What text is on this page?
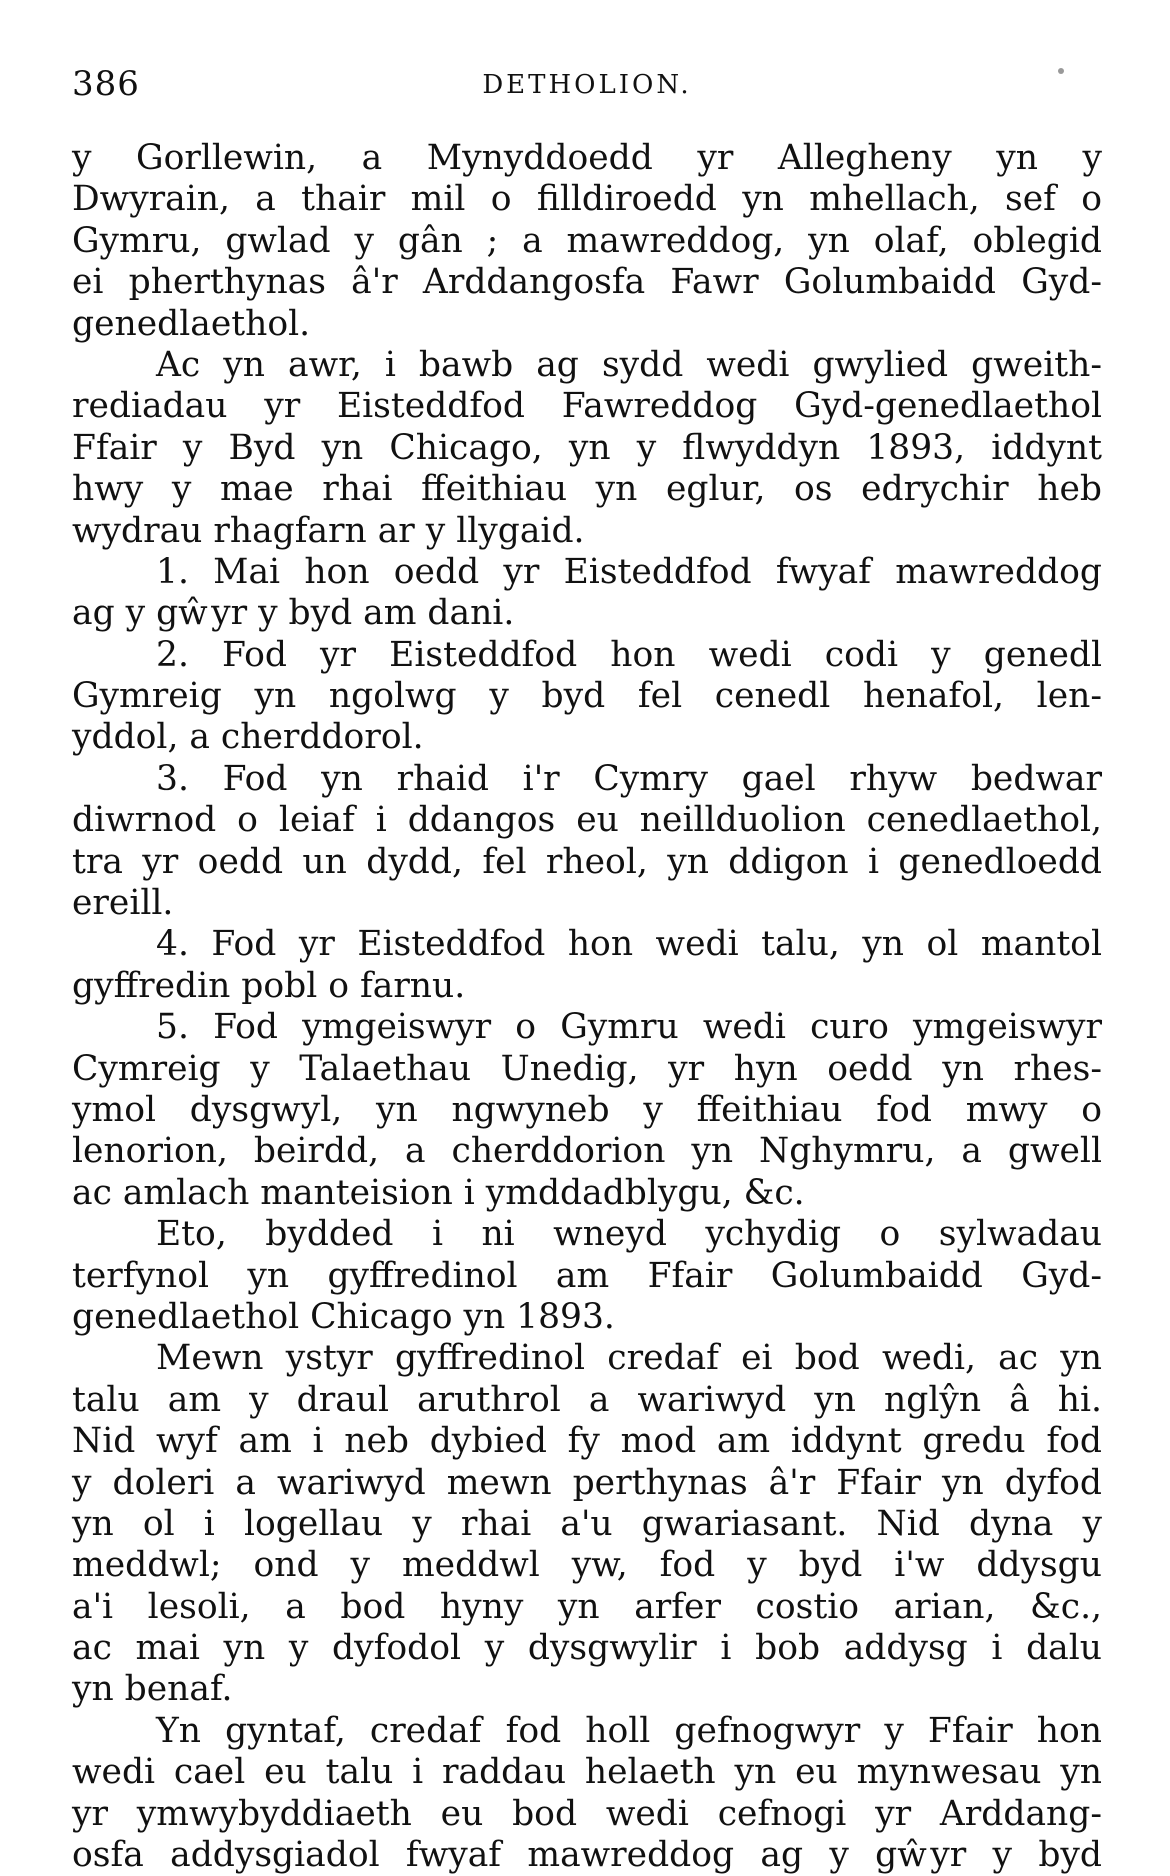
386	DETHOLION.
y Gorllewin, a Mynyddoedd yr Allegheny yn y
Dwyrain, a thair mil o filldiroedd yn mhellach, sef o
Gymru, gwlad y gân ; a mawreddog, yn olaf, oblegid
ei pherthynas â'r Arddangosfa Fawr Golumbaidd Gyd-
genedlaethol.
Ac yn awr, i bawb ag sydd wedi gwylied gweith-
rediadau yr Eisteddfod Fawreddog Gyd-genedlaethol
Ffair y Byd yn Chicago, yn y flwyddyn 1893, iddynt
hwy y mae rhai ffeithiau yn eglur, os edrychir heb
wydrau rhagfarn ar y llygaid.
1. Mai hon oedd yr Eisteddfod fwyaf mawreddog
ag y gŵyr y byd am dani.
2. Fod yr Eisteddfod hon wedi codi y genedl
Gymreig yn ngolwg y byd fel cenedl henafol, len-
yddol, a cherddorol.
3. Fod yn rhaid i'r Cymry gael rhyw bedwar
diwrnod o leiaf i ddangos eu neillduolion cenedlaethol,
tra yr oedd un dydd, fel rheol, yn ddigon i genedloedd
ereill.
4. Fod yr Eisteddfod hon wedi talu, yn ol mantol
gyffredin pobl o farnu.
5. Fod ymgeiswyr o Gymru wedi curo ymgeiswyr
Cymreig y Talaethau Unedig, yr hyn oedd yn rhes-
ymol dysgwyl, yn ngwyneb y ffeithiau fod mwy o
lenorion, beirdd, a cherddorion yn Nghymru, a gwell
ac amlach manteision i ymddadblygu, &c.
Eto, bydded i ni wneyd ychydig o sylwadau
terfynol yn gyffredinol am Ffair Golumbaidd Gyd-
genedlaethol Chicago yn 1893.
Mewn ystyr gyffredinol credaf ei bod wedi, ac yn
talu am y draul aruthrol a wariwyd yn nglŷn â hi.
Nid wyf am i neb dybied fy mod am iddynt gredu fod
y doleri a wariwyd mewn perthynas â'r Ffair yn dyfod
yn ol i logellau y rhai a'u gwariasant. Nid dyna y
meddwl; ond y meddwl yw, fod y byd i'w ddysgu
a'i lesoli, a bod hyny yn arfer costio arian, &c.,
ac mai yn y dyfodol y dysgwylir i bob addysg i dalu
yn benaf.
Yn gyntaf, credaf fod holl gefnogwyr y Ffair hon
wedi cael eu talu i raddau helaeth yn eu mynwesau yn
yr ymwybyddiaeth eu bod wedi cefnogi yr Arddang-
osfa addysgiadol fwyaf mawreddog ag y gŵyr y byd
